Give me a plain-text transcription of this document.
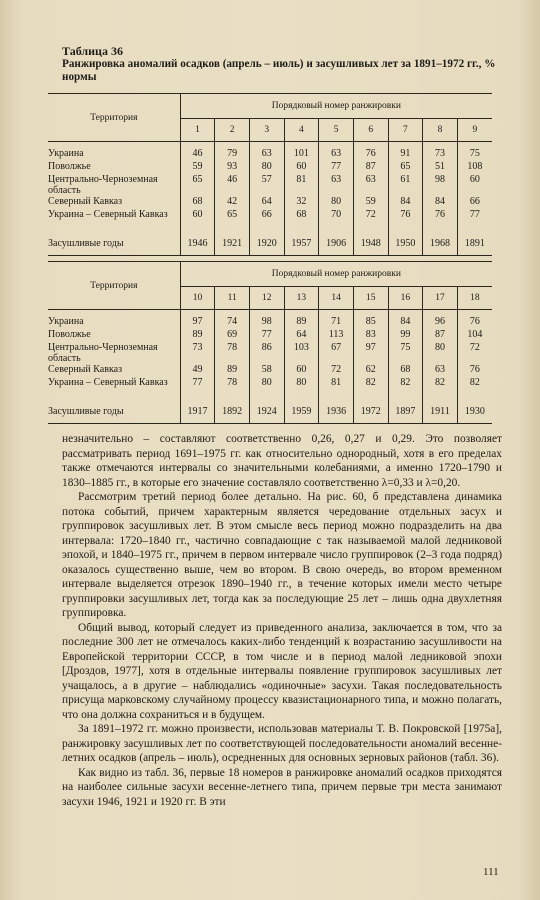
Таблица 36
Ранжировка аномалий осадков (апрель – июль) и засушливых лет за 1891–1972 гг., % нормы
Территория	Порядковый номер ранжировки								
	1	2	3	4	5	6	7	8	9
Украина	46	79	63	101	63	76	91	73	75
Поволжье	59	93	80	60	77	87	65	51	108
Центрально-Черноземная область	65	46	57	81	63	63	61	98	60
Северный Кавказ	68	42	64	32	80	59	84	84	66
Украина – Северный Кавказ	60	65	66	68	70	72	76	76	77
Засушливые годы	1946	1921	1920	1957	1906	1948	1950	1968	1891
Территория	Порядковый номер ранжировки								
	10	11	12	13	14	15	16	17	18
Украина	97	74	98	89	71	85	84	96	76
Поволжье	89	69	77	64	113	83	99	87	104
Центрально-Черноземная область	73	78	86	103	67	97	75	80	72
Северный Кавказ	49	89	58	60	72	62	68	63	76
Украина – Северный Кавказ	77	78	80	80	81	82	82	82	82
Засушливые годы	1917	1892	1924	1959	1936	1972	1897	1911	1930

незначительно – составляют соответственно 0,26, 0,27 и 0,29. Это позволяет рассматривать период 1691–1975 гг. как относительно однородный, хотя в его пределах также отмечаются интервалы со значительными колебаниями, а именно 1720–1790 и 1830–1885 гг., в которые его значение составляло соответственно λ=0,33 и λ=0,20.

Рассмотрим третий период более детально. На рис. 60, б представлена динамика потока событий, причем характерным является чередование отдельных засух и группировок засушливых лет. В этом смысле весь период можно подразделить на два интервала: 1720–1840 гг., частично совпадающие с так называемой малой ледниковой эпохой, и 1840–1975 гг., причем в первом интервале число группировок (2–3 года подряд) оказалось существенно выше, чем во втором. В свою очередь, во втором временном интервале выделяется отрезок 1890–1940 гг., в течение которых имели место четыре группировки засушливых лет, тогда как за последующие 25 лет – лишь одна двухлетняя группировка.

Общий вывод, который следует из приведенного анализа, заключается в том, что за последние 300 лет не отмечалось каких-либо тенденций к возрастанию засушливости на Европейской территории СССР, в том числе и в период малой ледниковой эпохи [Дроздов, 1977], хотя в отдельные интервалы появление группировок засушливых лет учащалось, а в другие – наблюдались «одиночные» засухи. Такая последовательность присуща марковскому случайному процессу квазистационарного типа, и можно полагать, что она должна сохраниться и в будущем.

За 1891–1972 гг. можно произвести, использовав материалы Т. В. Покровской [1975а], ранжировку засушливых лет по соответствующей последовательности аномалий весенне-летних осадков (апрель – июль), осредненных для основных зерновых районов (табл. 36).

Как видно из табл. 36, первые 18 номеров в ранжировке аномалий осадков приходятся на наиболее сильные засухи весенне-летнего типа, причем первые три места занимают засухи 1946, 1921 и 1920 гг. В эти

111
